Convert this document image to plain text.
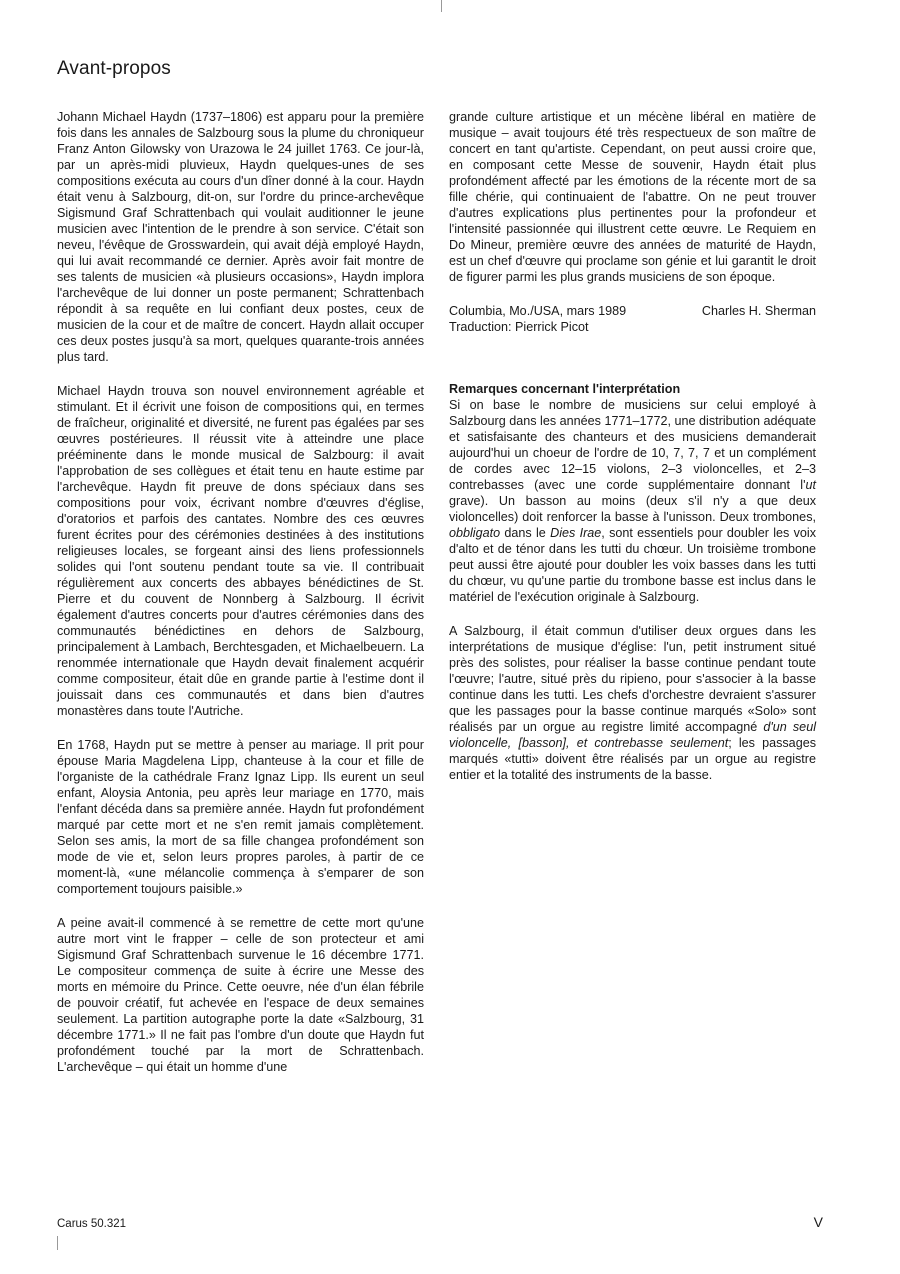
Avant-propos

Johann Michael Haydn (1737–1806) est apparu pour la première fois dans les annales de Salzbourg sous la plume du chroniqueur Franz Anton Gilowsky von Urazowa le 24 juillet 1763. Ce jour-là, par un après-midi pluvieux, Haydn quelques-unes de ses compositions exécuta au cours d'un dîner donné à la cour. Haydn était venu à Salzbourg, dit-on, sur l'ordre du prince-archevêque Sigismund Graf Schrattenbach qui voulait auditionner le jeune musicien avec l'intention de le prendre à son service. C'était son neveu, l'évêque de Grosswardein, qui avait déjà employé Haydn, qui lui avait recommandé ce dernier. Après avoir fait montre de ses talents de musicien «à plusieurs occasions», Haydn implora l'archevêque de lui donner un poste permanent; Schrattenbach répondit à sa requête en lui confiant deux postes, ceux de musicien de la cour et de maître de concert. Haydn allait occuper ces deux postes jusqu'à sa mort, quelques quarante-trois années plus tard.

Michael Haydn trouva son nouvel environnement agréable et stimulant. Et il écrivit une foison de compositions qui, en termes de fraîcheur, originalité et diversité, ne furent pas égalées par ses œuvres postérieures. Il réussit vite à atteindre une place prééminente dans le monde musical de Salzbourg: il avait l'approbation de ses collègues et était tenu en haute estime par l'archevêque. Haydn fit preuve de dons spéciaux dans ses compositions pour voix, écrivant nombre d'œuvres d'église, d'oratorios et parfois des cantates. Nombre des ces œuvres furent écrites pour des cérémonies destinées à des institutions religieuses locales, se forgeant ainsi des liens professionnels solides qui l'ont soutenu pendant toute sa vie. Il contribuait régulièrement aux concerts des abbayes bénédictines de St. Pierre et du couvent de Nonnberg à Salzbourg. Il écrivit également d'autres concerts pour d'autres cérémonies dans des communautés bénédictines en dehors de Salzbourg, principalement à Lambach, Berchtesgaden, et Michaelbeuern. La renommée internationale que Haydn devait finalement acquérir comme compositeur, était dûe en grande partie à l'estime dont il jouissait dans ces communautés et dans bien d'autres monastères dans toute l'Autriche.

En 1768, Haydn put se mettre à penser au mariage. Il prit pour épouse Maria Magdelena Lipp, chanteuse à la cour et fille de l'organiste de la cathédrale Franz Ignaz Lipp. Ils eurent un seul enfant, Aloysia Antonia, peu après leur mariage en 1770, mais l'enfant décéda dans sa première année. Haydn fut profondément marqué par cette mort et ne s'en remit jamais complètement. Selon ses amis, la mort de sa fille changea profondément son mode de vie et, selon leurs propres paroles, à partir de ce moment-là, «une mélancolie commença à s'emparer de son comportement toujours paisible.»

A peine avait-il commencé à se remettre de cette mort qu'une autre mort vint le frapper – celle de son protecteur et ami Sigismund Graf Schrattenbach survenue le 16 décembre 1771. Le compositeur commença de suite à écrire une Messe des morts en mémoire du Prince. Cette oeuvre, née d'un élan fébrile de pouvoir créatif, fut achevée en l'espace de deux semaines seulement. La partition autographe porte la date «Salzbourg, 31 décembre 1771.» Il ne fait pas l'ombre d'un doute que Haydn fut profondément touché par la mort de Schrattenbach. L'archevêque – qui était un homme d'une

grande culture artistique et un mécène libéral en matière de musique – avait toujours été très respectueux de son maître de concert en tant qu'artiste. Cependant, on peut aussi croire que, en composant cette Messe de souvenir, Haydn était plus profondément affecté par les émotions de la récente mort de sa fille chérie, qui continuaient de l'abattre. On ne peut trouver d'autres explications plus pertinentes pour la profondeur et l'intensité passionnée qui illustrent cette œuvre. Le Requiem en Do Mineur, première œuvre des années de maturité de Haydn, est un chef d'œuvre qui proclame son génie et lui garantit le droit de figurer parmi les plus grands musiciens de son époque.

Columbia, Mo./USA, mars 1989	Charles H. Sherman
Traduction: Pierrick Picot
Remarques concernant l'interprétation

Si on base le nombre de musiciens sur celui employé à Salzbourg dans les années 1771–1772, une distribution adéquate et satisfaisante des chanteurs et des musiciens demanderait aujourd'hui un choeur de l'ordre de 10, 7, 7, 7 et un complément de cordes avec 12–15 violons, 2–3 violoncelles, et 2–3 contrebasses (avec une corde supplémentaire donnant l'ut grave). Un basson au moins (deux s'il n'y a que deux violoncelles) doit renforcer la basse à l'unisson. Deux trombones, obbligato dans le Dies Irae, sont essentiels pour doubler les voix d'alto et de ténor dans les tutti du chœur. Un troisième trombone peut aussi être ajouté pour doubler les voix basses dans les tutti du chœur, vu qu'une partie du trombone basse est inclus dans le matériel de l'exécution originale à Salzbourg.

A Salzbourg, il était commun d'utiliser deux orgues dans les interprétations de musique d'église: l'un, petit instrument situé près des solistes, pour réaliser la basse continue pendant toute l'œuvre; l'autre, situé près du ripieno, pour s'associer à la basse continue dans les tutti. Les chefs d'orchestre devraient s'assurer que les passages pour la basse continue marqués «Solo» sont réalisés par un orgue au registre limité accompagné d'un seul violoncelle, [basson], et contrebasse seulement; les passages marqués «tutti» doivent être réalisés par un orgue au registre entier et la totalité des instruments de la basse.

Carus 50.321	V
